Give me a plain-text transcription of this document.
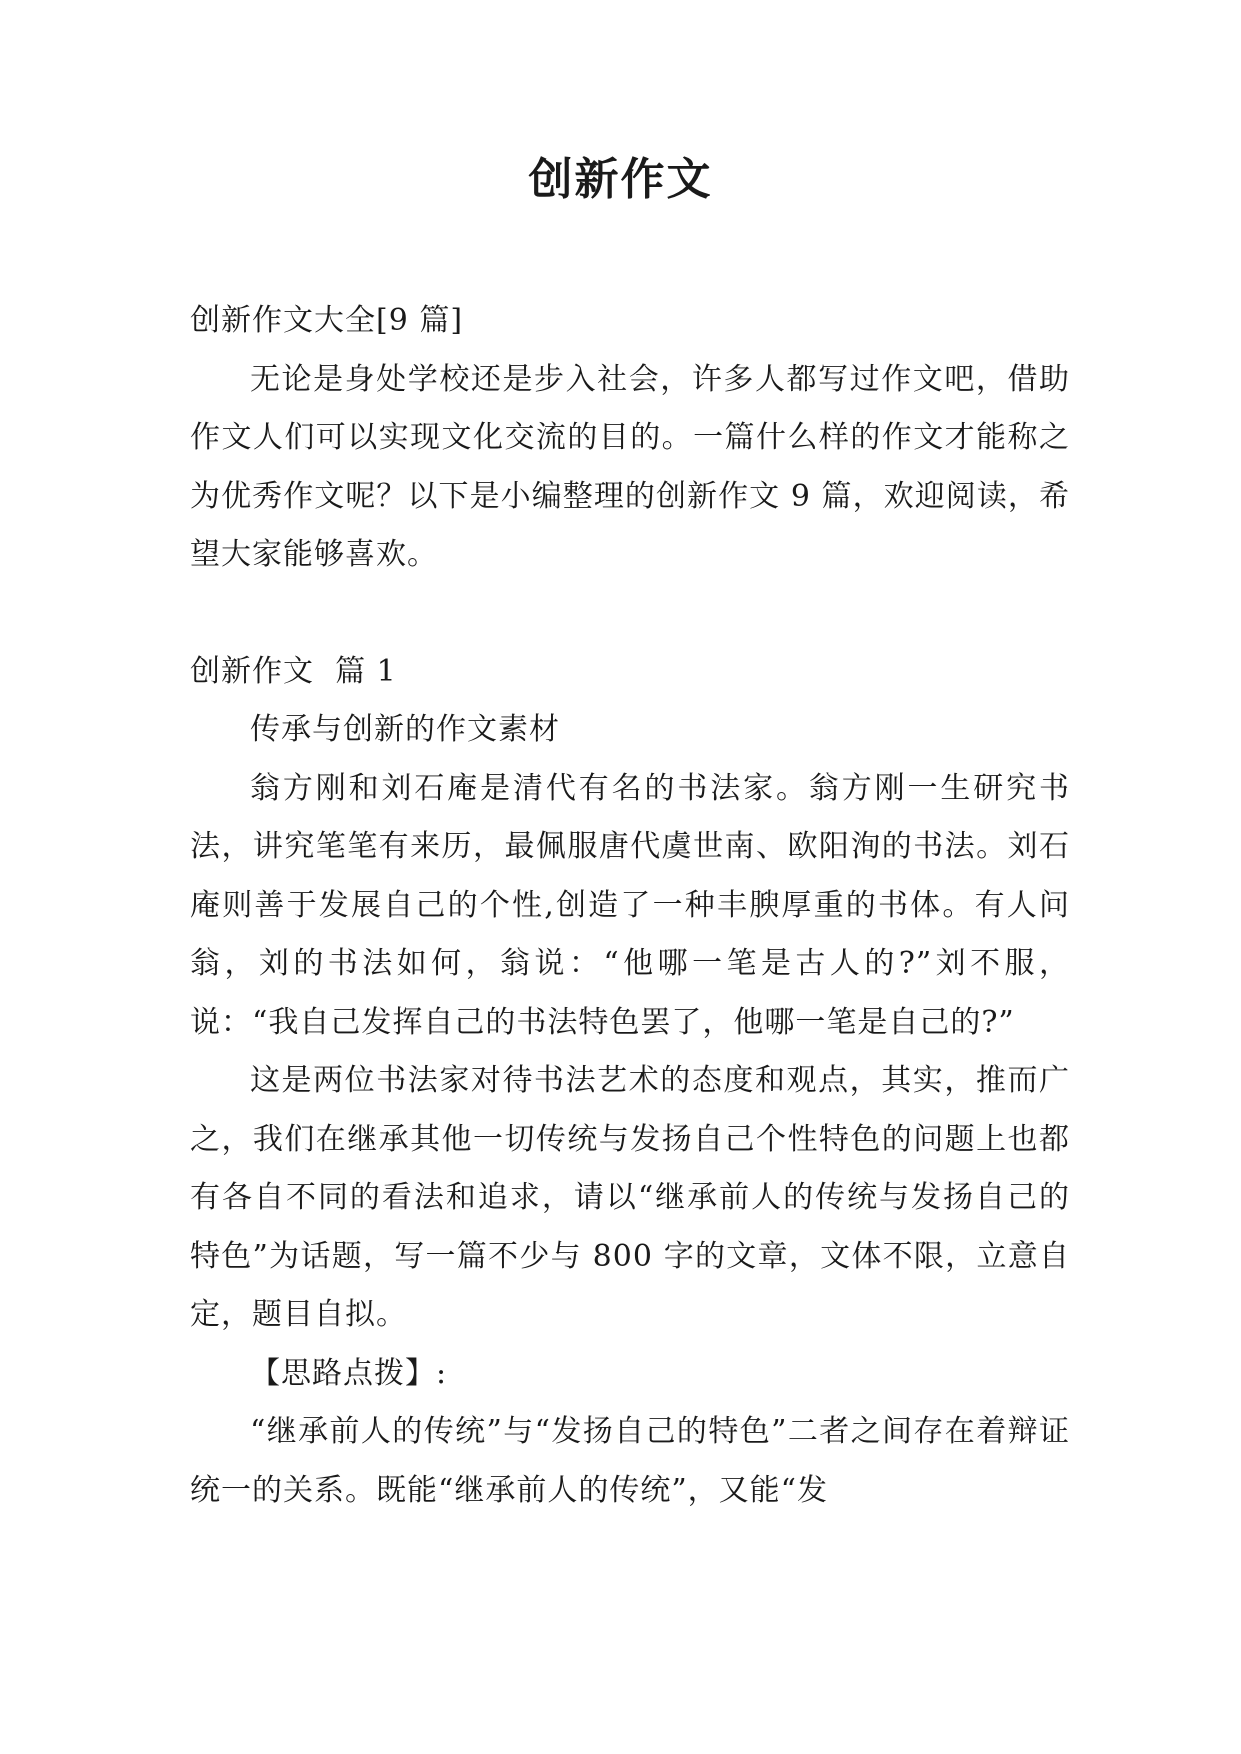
创新作文

创新作文大全[9 篇]

无论是身处学校还是步入社会，许多人都写过作文吧，借助作文人们可以实现文化交流的目的。一篇什么样的作文才能称之为优秀作文呢？以下是小编整理的创新作文 9 篇，欢迎阅读，希望大家能够喜欢。

创新作文  篇 1

传承与创新的作文素材

翁方刚和刘石庵是清代有名的书法家。翁方刚一生研究书法，讲究笔笔有来历，最佩服唐代虞世南、欧阳洵的书法。刘石庵则善于发展自己的个性,创造了一种丰腴厚重的书体。有人问翁，刘的书法如何，翁说：“他哪一笔是古人的?”刘不服，说：“我自己发挥自己的书法特色罢了，他哪一笔是自己的?”

这是两位书法家对待书法艺术的态度和观点，其实，推而广之，我们在继承其他一切传统与发扬自己个性特色的问题上也都有各自不同的看法和追求，请以“继承前人的传统与发扬自己的特色”为话题，写一篇不少与 800 字的文章，文体不限，立意自定，题目自拟。

【思路点拨】:

“继承前人的传统”与“发扬自己的特色”二者之间存在着辩证统一的关系。既能“继承前人的传统”，又能“发
